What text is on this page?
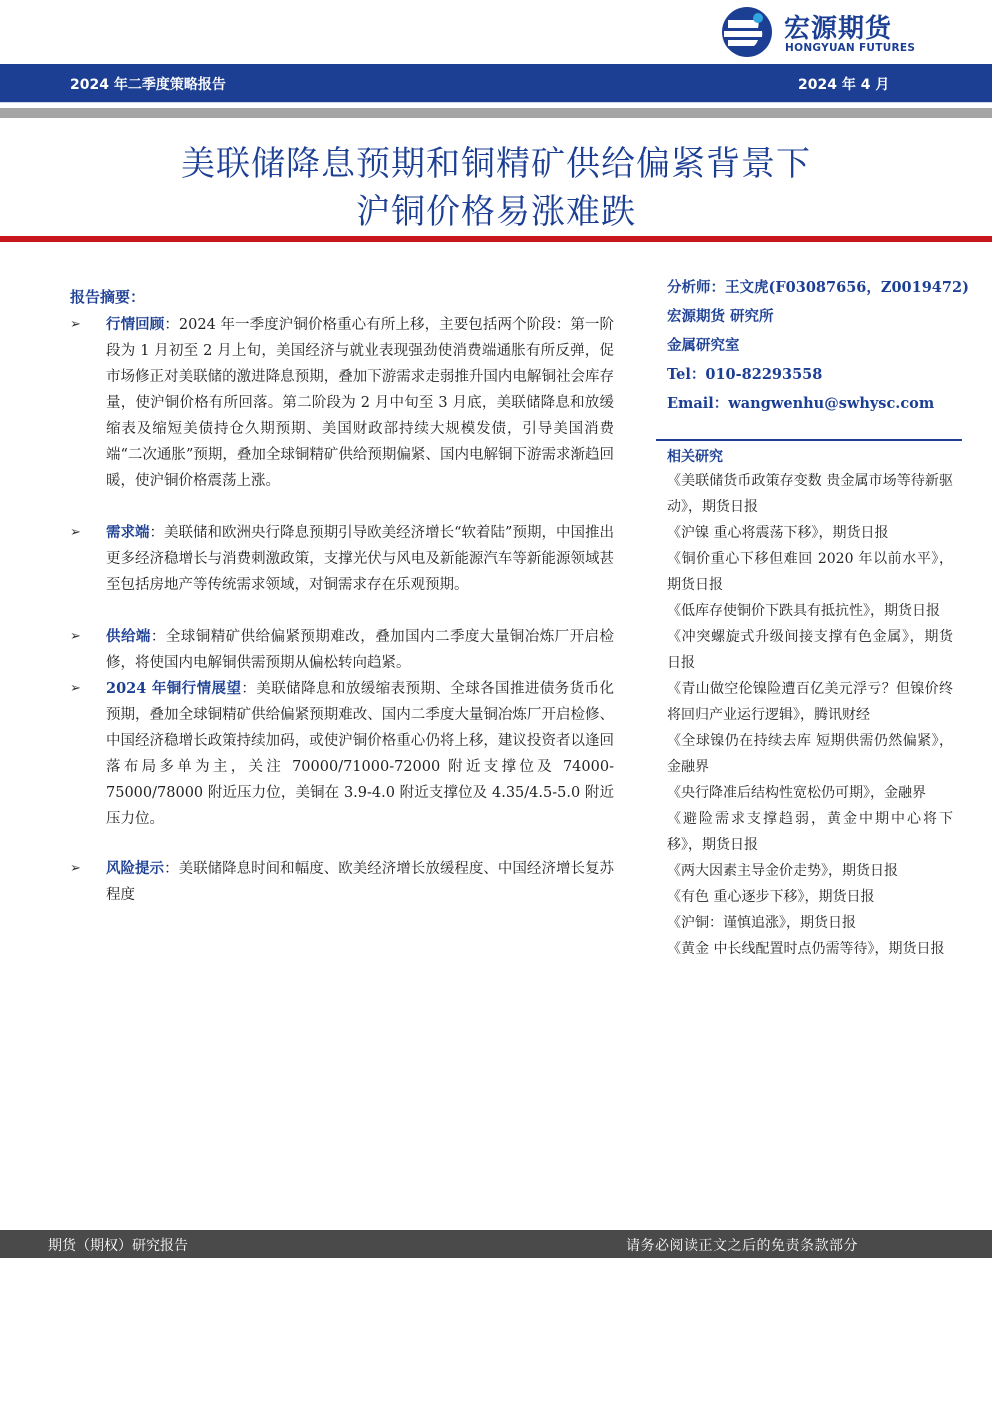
宏源期货
HONGYUAN FUTURES
2024 年二季度策略报告	2024 年 4 月
美联储降息预期和铜精矿供给偏紧背景下
沪铜价格易涨难跌
报告摘要：
➢ 行情回顾：2024 年一季度沪铜价格重心有所上移，主要包括两个阶段：第一阶段为 1 月初至 2 月上旬，美国经济与就业表现强劲使消费端通胀有所反弹，促市场修正对美联储的激进降息预期，叠加下游需求走弱推升国内电解铜社会库存量，使沪铜价格有所回落。第二阶段为 2 月中旬至 3 月底，美联储降息和放缓缩表及缩短美债持仓久期预期、美国财政部持续大规模发债，引导美国消费端“二次通胀”预期，叠加全球铜精矿供给预期偏紧、国内电解铜下游需求渐趋回暖，使沪铜价格震荡上涨。
➢ 需求端：美联储和欧洲央行降息预期引导欧美经济增长“软着陆”预期，中国推出更多经济稳增长与消费刺激政策，支撑光伏与风电及新能源汽车等新能源领域甚至包括房地产等传统需求领域，对铜需求存在乐观预期。
➢ 供给端：全球铜精矿供给偏紧预期难改，叠加国内二季度大量铜冶炼厂开启检修，将使国内电解铜供需预期从偏松转向趋紧。
➢ 2024 年铜行情展望：美联储降息和放缓缩表预期、全球各国推进债务货币化预期，叠加全球铜精矿供给偏紧预期难改、国内二季度大量铜冶炼厂开启检修、中国经济稳增长政策持续加码，或使沪铜价格重心仍将上移，建议投资者以逢回落布局多单为主，关注 70000/71000-72000 附近支撑位及 74000-75000/78000 附近压力位，美铜在 3.9-4.0 附近支撑位及 4.35/4.5-5.0 附近压力位。
➢ 风险提示：美联储降息时间和幅度、欧美经济增长放缓程度、中国经济增长复苏程度
分析师：王文虎(F03087656，Z0019472)
宏源期货 研究所
金属研究室
Tel：010-82293558
Email：wangwenhu@swhysc.com
相关研究
《美联储货币政策存变数 贵金属市场等待新驱动》，期货日报
《沪镍 重心将震荡下移》，期货日报
《铜价重心下移但难回 2020 年以前水平》，期货日报
《低库存使铜价下跌具有抵抗性》，期货日报
《冲突螺旋式升级间接支撑有色金属》，期货日报
《青山做空伦镍险遭百亿美元浮亏？但镍价终将回归产业运行逻辑》，腾讯财经
《全球镍仍在持续去库 短期供需仍然偏紧》，金融界
《央行降准后结构性宽松仍可期》，金融界
《避险需求支撑趋弱，黄金中期中心将下移》，期货日报
《两大因素主导金价走势》，期货日报
《有色 重心逐步下移》，期货日报
《沪铜：谨慎追涨》，期货日报
《黄金 中长线配置时点仍需等待》，期货日报
期货（期权）研究报告	请务必阅读正文之后的免责条款部分
